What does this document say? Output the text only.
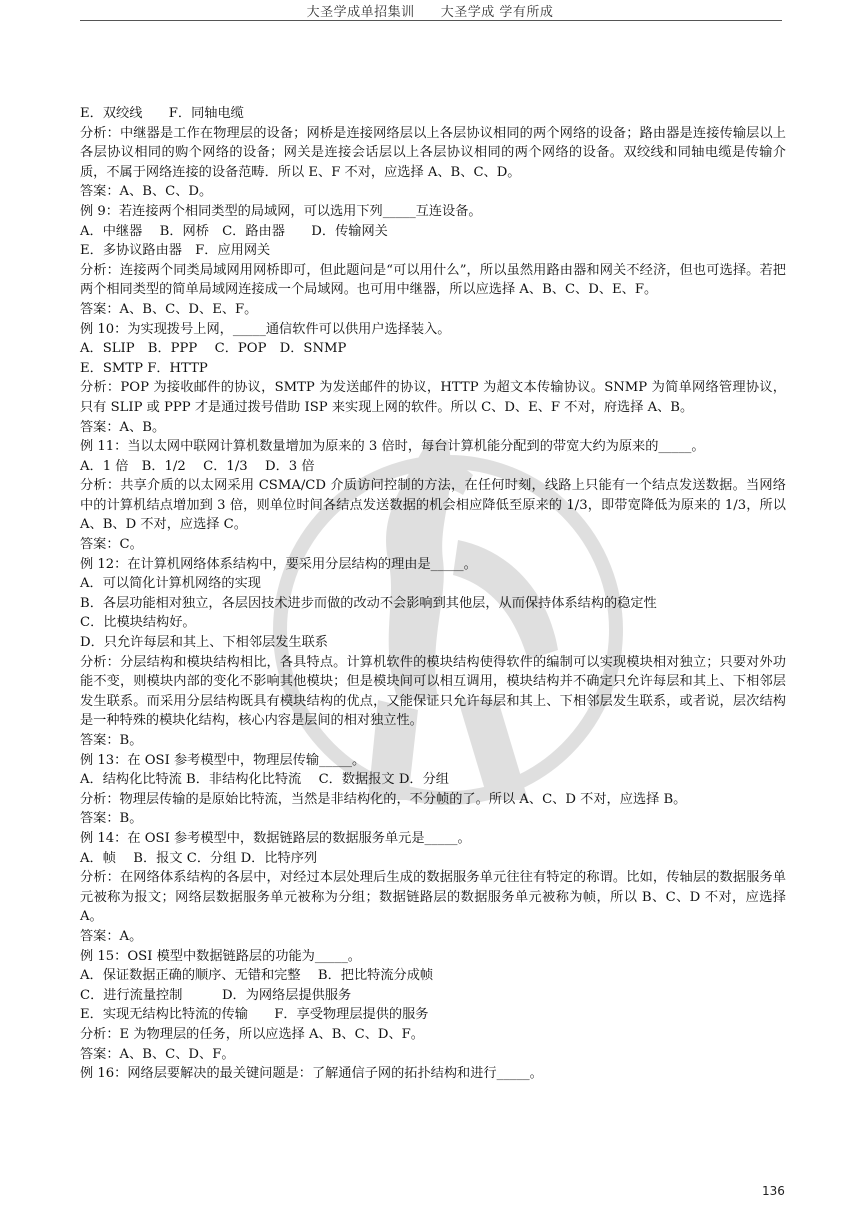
大圣学成单招集训 大圣学成 学有所成

E．双绞线　　F．同轴电缆

分析：中继器是工作在物理层的设备；网桥是连接网络层以上各层协议相同的两个网络的设备；路由器是连接传输层以上各层协议相同的购个网络的设备；网关是连接会话层以上各层协议相同的两个网络的设备。双绞线和同轴电缆是传输介质，不属于网络连接的设备范畴．所以 E、F 不对，应选择 A、B、C、D。

答案：A、B、C、D。

例 9：若连接两个相同类型的局域网，可以选用下列_____互连设备。

A．中继器　 B．网桥　C．路由器　　D．传输网关

E．多协议路由器　F．应用网关

分析：连接两个同类局域网用网桥即可，但此题问是“可以用什么”，所以虽然用路由器和网关不经济，但也可选择。若把两个相同类型的简单局域网连接成一个局域网。也可用中继器，所以应选择 A、B、C、D、E、F。

答案：A、B、C、D、E、F。

例 10：为实现拨号上网，_____通信软件可以供用户选择装入。

A．SLIP　B．PPP　 C．POP　D．SNMP

E．SMTP F．HTTP

分析：POP 为接收邮件的协议，SMTP 为发送邮件的协议，HTTP 为超文本传输协议。SNMP 为简单网络管理协议，只有 SLIP 或 PPP 才是通过拨号借助 ISP 来实现上网的软件。所以 C、D、E、F 不对，府选择 A、B。

答案：A、B。

例 11：当以太网中联网计算机数量增加为原来的 3 倍时，每台计算机能分配到的带宽大约为原来的_____。

A．1 倍　B．1/2　 C．1/3　 D．3 倍

分析：共享介质的以太网采用 CSMA/CD 介质访问控制的方法，在任何时刻，线路上只能有一个结点发送数据。当网络中的计算机结点增加到 3 倍，则单位时间各结点发送数据的机会相应降低至原来的 1/3，即带宽降低为原来的 1/3，所以 A、B、D 不对，应选择 C。

答案：C。

例 12：在计算机网络体系结构中，要采用分层结构的理由是_____。

A．可以简化计算机网络的实现

B．各层功能相对独立，各层因技术进步而做的改动不会影响到其他层，从而保持体系结构的稳定性

C．比模块结构好。

D．只允许每层和其上、下相邻层发生联系

分析：分层结构和模块结构相比，各具特点。计算机软件的模块结构使得软件的编制可以实现模块相对独立；只要对外功能不变，则模块内部的变化不影响其他模块；但是模块间可以相互调用，模块结构并不确定只允许每层和其上、下相邻层发生联系。而采用分层结构既具有模块结构的优点，又能保证只允许每层和其上、下相邻层发生联系，或者说，层次结构是一种特殊的模块化结构，核心内容是层间的相对独立性。

答案：B。

例 13：在 OSI 参考模型中，物理层传输_____。

A．结构化比特流 B．非结构化比特流　 C．数据报文 D．分组

分析：物理层传输的是原始比特流，当然是非结构化的，不分帧的了。所以 A、C、D 不对，应选择 B。

答案：B。

例 14：在 OSI 参考模型中，数据链路层的数据服务单元是_____。

A．帧　 B．报文 C．分组 D．比特序列

分析：在网络体系结构的各层中，对经过本层处理后生成的数据服务单元往往有特定的称谓。比如，传轴层的数据服务单元被称为报文；网络层数据服务单元被称为分组；数据链路层的数据服务单元被称为帧，所以 B、C、D 不对，应选择 A。

答案：A。

例 15：OSI 模型中数据链路层的功能为_____。

A．保证数据正确的顺序、无错和完整　 B．把比特流分成帧

C．进行流量控制　　　D．为网络层提供服务

E．实现无结构比特流的传输　　F．享受物理层提供的服务

分析：E 为物理层的任务，所以应选择 A、B、C、D、F。

答案：A、B、C、D、F。

例 16：网络层要解决的最关键问题是：了解通信子网的拓扑结构和进行_____。

136
